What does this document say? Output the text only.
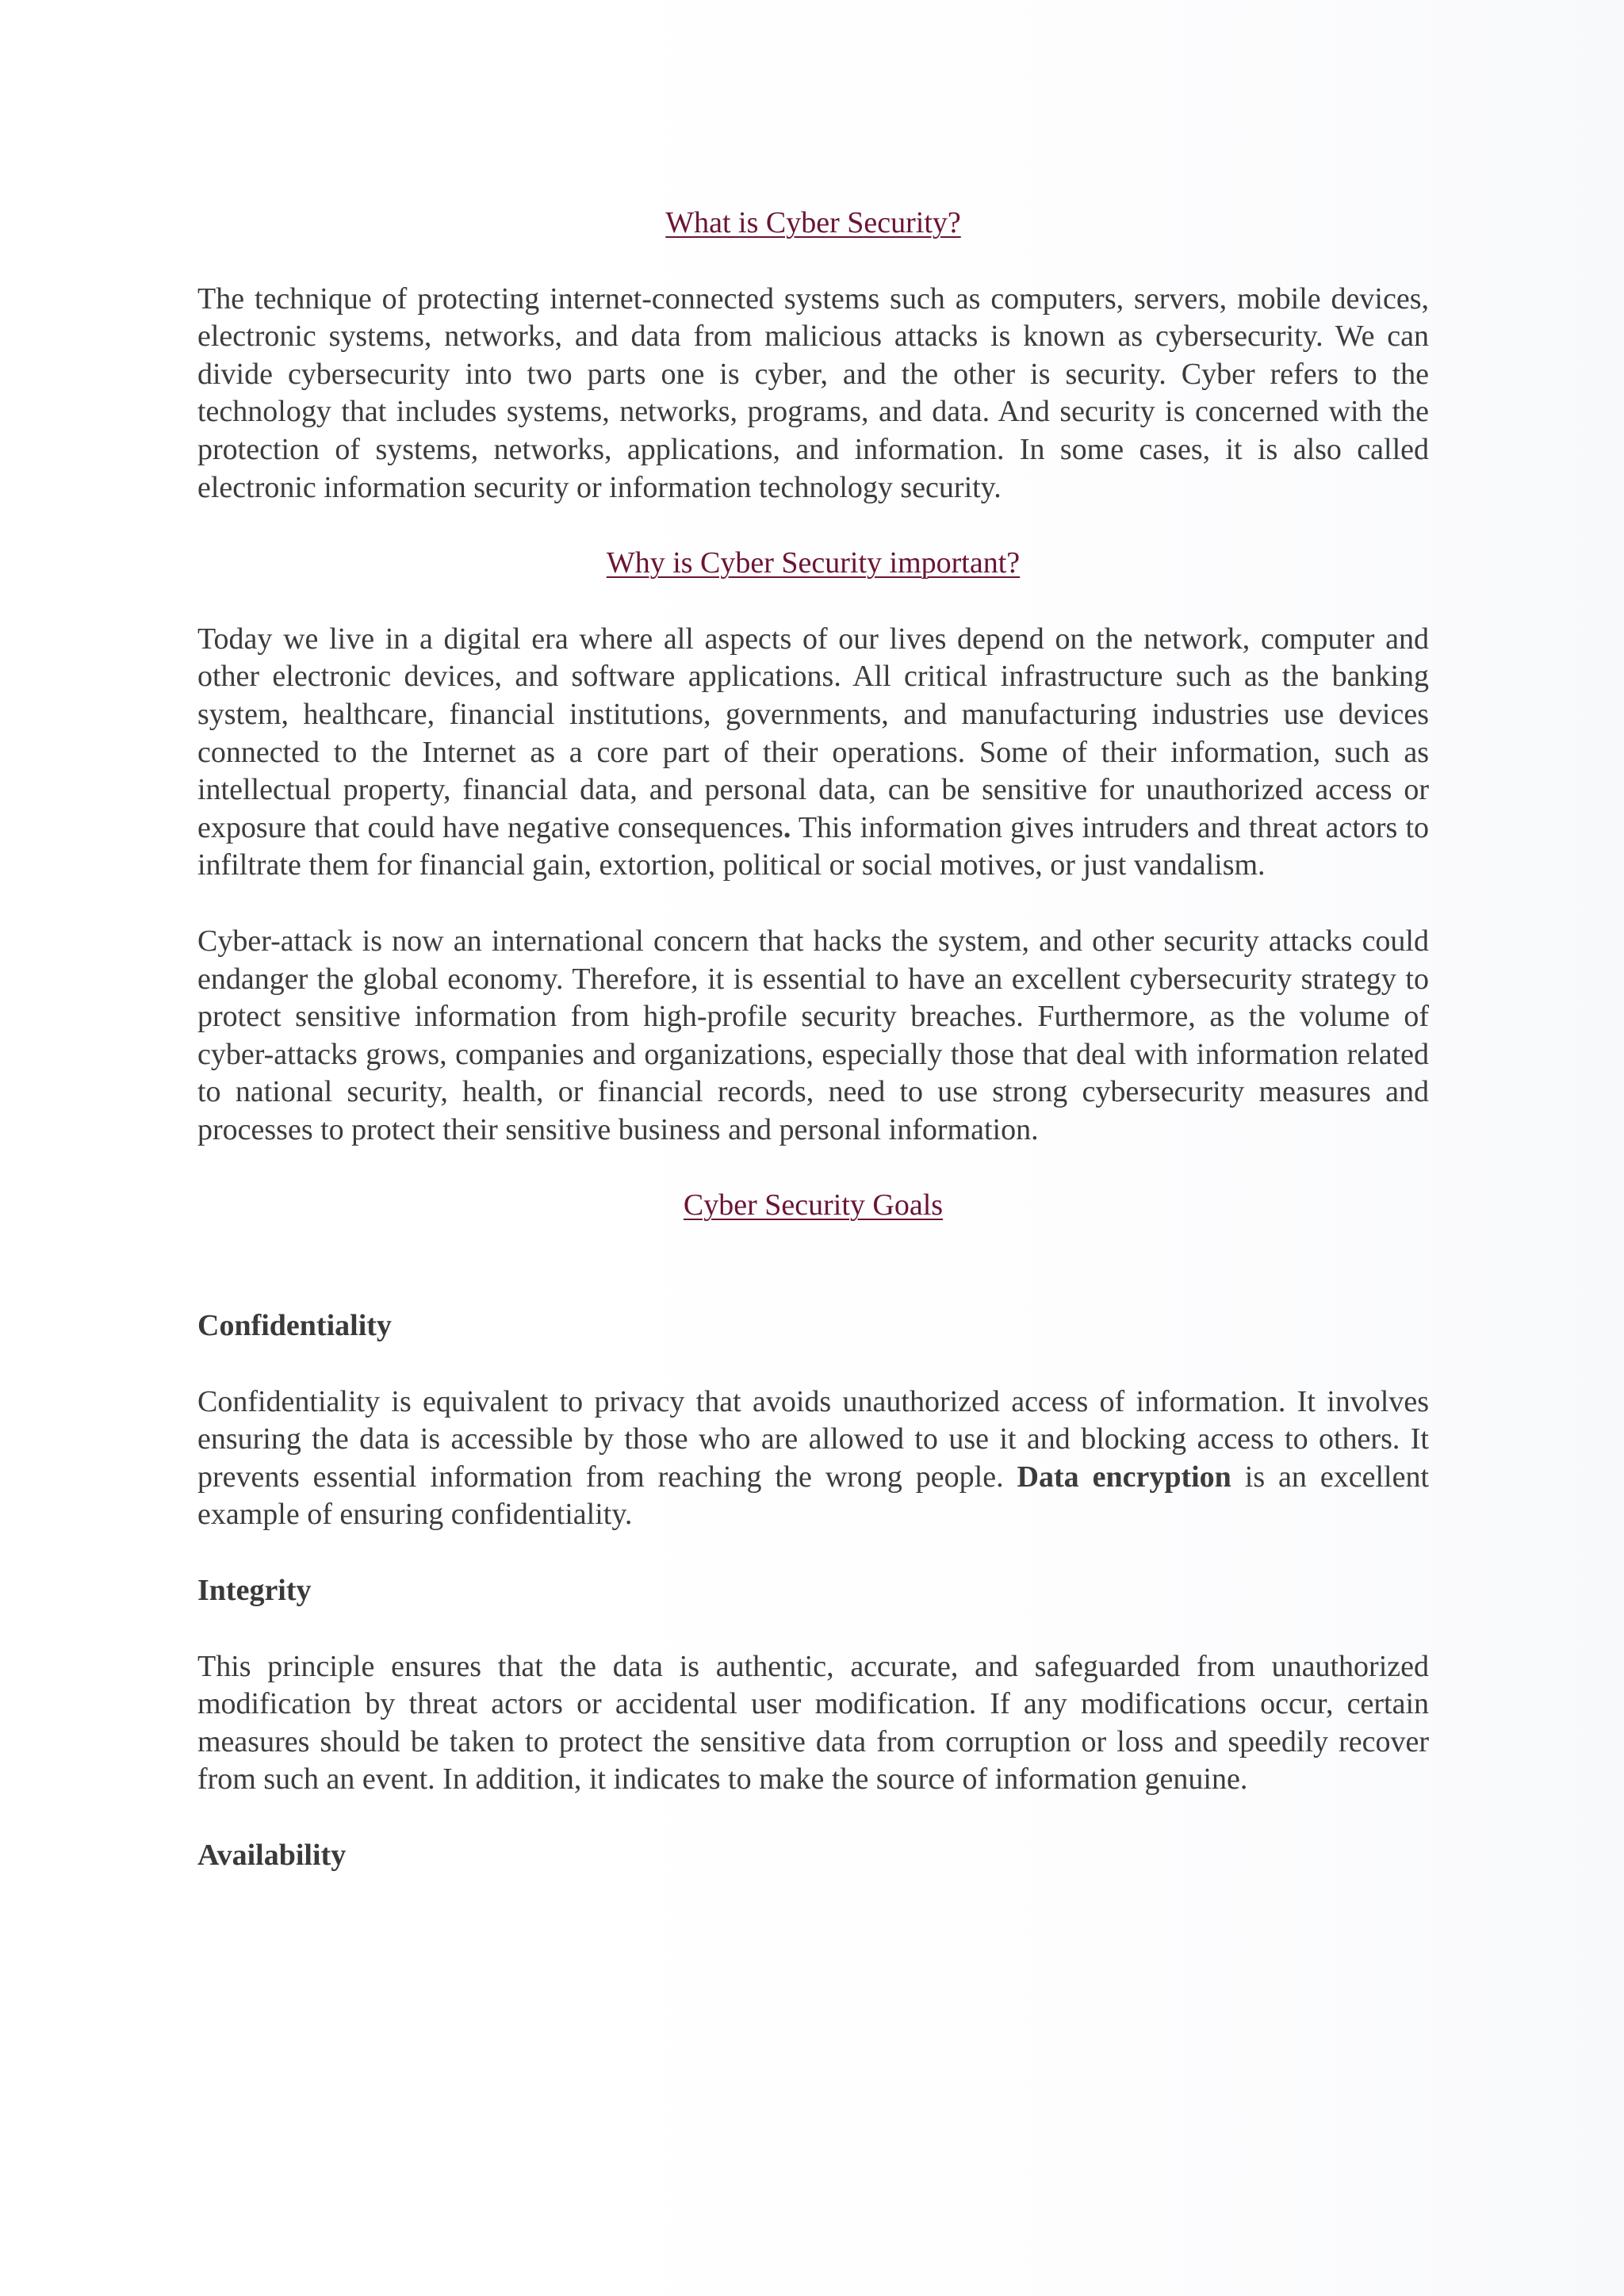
What is Cyber Security?

The technique of protecting internet-connected systems such as computers, servers, mobile devices, electronic systems, networks, and data from malicious attacks is known as cybersecurity. We can divide cybersecurity into two parts one is cyber, and the other is security. Cyber refers to the technology that includes systems, networks, programs, and data. And security is concerned with the protection of systems, networks, applications, and information. In some cases, it is also called electronic information security or information technology security.

Why is Cyber Security important?

Today we live in a digital era where all aspects of our lives depend on the network, computer and other electronic devices, and software applications. All critical infrastructure such as the banking system, healthcare, financial institutions, governments, and manufacturing industries use devices connected to the Internet as a core part of their operations. Some of their information, such as intellectual property, financial data, and personal data, can be sensitive for unauthorized access or exposure that could have negative consequences. This information gives intruders and threat actors to infiltrate them for financial gain, extortion, political or social motives, or just vandalism.

Cyber-attack is now an international concern that hacks the system, and other security attacks could endanger the global economy. Therefore, it is essential to have an excellent cybersecurity strategy to protect sensitive information from high-profile security breaches. Furthermore, as the volume of cyber-attacks grows, companies and organizations, especially those that deal with information related to national security, health, or financial records, need to use strong cybersecurity measures and processes to protect their sensitive business and personal information.

Cyber Security Goals
Confidentiality

Confidentiality is equivalent to privacy that avoids unauthorized access of information. It involves ensuring the data is accessible by those who are allowed to use it and blocking access to others. It prevents essential information from reaching the wrong people. Data encryption is an excellent example of ensuring confidentiality.

Integrity

This principle ensures that the data is authentic, accurate, and safeguarded from unauthorized modification by threat actors or accidental user modification. If any modifications occur, certain measures should be taken to protect the sensitive data from corruption or loss and speedily recover from such an event. In addition, it indicates to make the source of information genuine.

Availability
